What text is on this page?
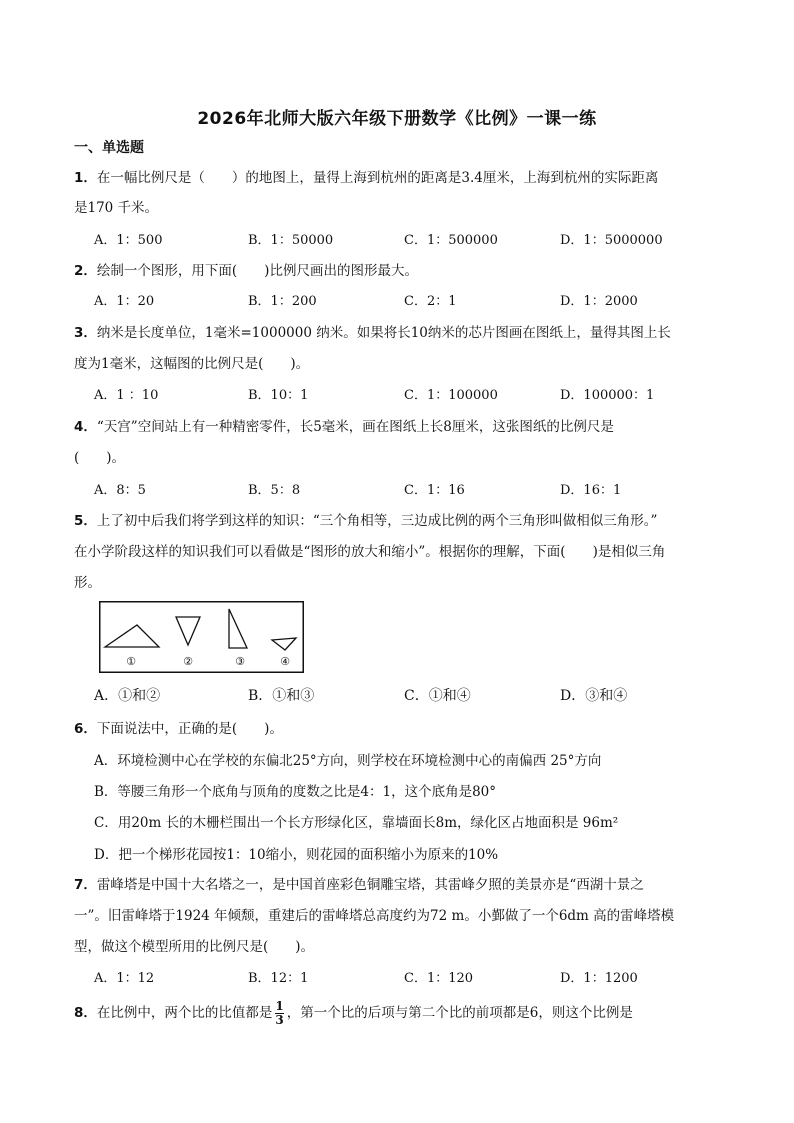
2026年北师大版六年级下册数学《比例》一课一练
一、单选题
1．在一幅比例尺是（　　）的地图上，量得上海到杭州的距离是3.4厘米，上海到杭州的实际距离
是170 千米。
A．1：500	B．1：50000	C．1：500000	D．1：5000000
2．绘制一个图形，用下面(　　)比例尺画出的图形最大。
A．1：20	B．1：200	C．2：1	D．1：2000
3．纳米是长度单位，1毫米=1000000 纳米。如果将长10纳米的芯片图画在图纸上，量得其图上长
度为1毫米，这幅图的比例尺是(　　)。
A．1 ：10	B．10：1	C．1：100000	D．100000：1
4．“天宫”空间站上有一种精密零件，长5毫米，画在图纸上长8厘米，这张图纸的比例尺是
(　　)。
A．8：5	B．5：8	C．1：16	D．16：1
5．上了初中后我们将学到这样的知识：“三个角相等，三边成比例的两个三角形叫做相似三角形。”
在小学阶段这样的知识我们可以看做是“图形的放大和缩小”。根据你的理解，下面(　　)是相似三角
形。
①	②	③	④
A．①和②	B．①和③	C．①和④	D．③和④
6．下面说法中，正确的是(　　)。
A．环境检测中心在学校的东偏北25°方向，则学校在环境检测中心的南偏西 25°方向
B．等腰三角形一个底角与顶角的度数之比是4：1，这个底角是80°
C．用20m 长的木栅栏围出一个长方形绿化区，靠墙面长8m，绿化区占地面积是 96m²
D．把一个梯形花园按1：10缩小，则花园的面积缩小为原来的10%
7．雷峰塔是中国十大名塔之一，是中国首座彩色铜雕宝塔，其雷峰夕照的美景亦是“西湖十景之
一”。旧雷峰塔于1924 年倾颓，重建后的雷峰塔总高度约为72 m。小鄞做了一个6dm 高的雷峰塔模
型，做这个模型所用的比例尺是(　　)。
A．1：12	B．12：1	C．1：120	D．1：1200
8．在比例中，两个比的比值都是 $\frac{1}{3}$ ，第一个比的后项与第二个比的前项都是6，则这个比例是
